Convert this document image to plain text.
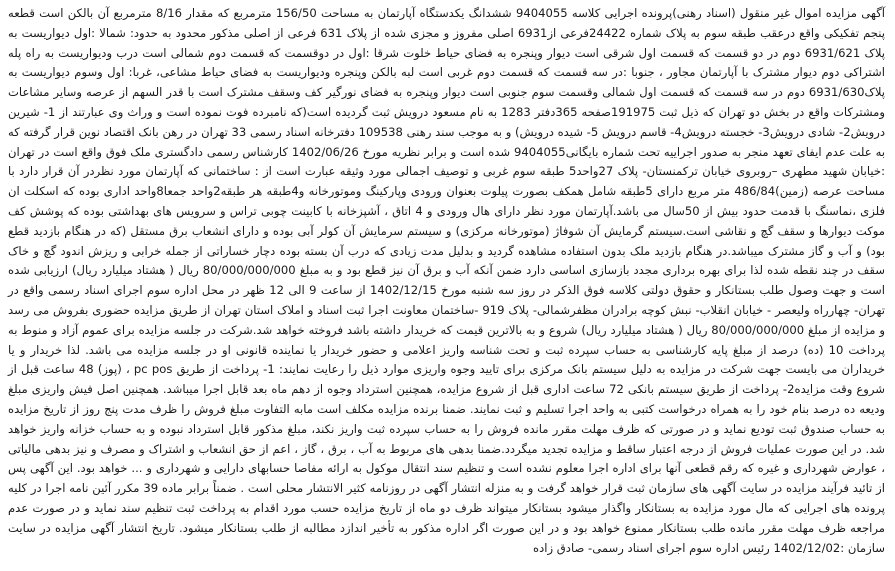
آگهی مزایده اموال غیر منقول (اسناد رهنی)پرونده اجرایی کلاسه 9404055 ششدانگ یکدستگاه آپارتمان به مساحت 156/50 مترمربع که مقدار 8/16 مترمربع آن بالکن است قطعه پنجم تفکیکی واقع درعقب طبقه سوم به پلاک شماره 24422فرعی از6931 اصلی مفروز و مجزی شده از پلاک 631 فرعی از اصلی مذکور محدود به حدود: شمالا :اول دیواریست به پلاک 6931/621 دوم در دو قسمت که قسمت اول شرقی است دیوار وپنجره به فضای حیاط خلوت شرقا :اول در دوقسمت که قسمت دوم شمالی است درب ودیواریست به راه پله اشتراکی دوم دیوار مشترک با آپارتمان مجاور ، جنوبا :در سه قسمت که قسمت دوم غربی است لبه بالکن وپنجره ودیواریست به فضای حیاط مشاعی، غربا: اول وسوم دیواریست به پلاک6931/630 دوم در سه قسمت که قسمت اول شمالی وقسمت سوم جنوبی است دیوار وپنجره به فضای نورگیر کف وسقف مشترک است با قدر السهم از عرصه وسایر مشاعات ومشترکات واقع در بخش دو تهران که ذیل ثبت 191975صفحه 365دفتر 1283 به نام مسعود درویش ثبت گردیده است(که نامبرده فوت نموده است و وراث وی عبارتند از 1- شیرین درویش2- شادی درویش3- خجسته درویش4- قاسم درویش 5- شیده درویش) و به موجب سند رهنی 109538 دفترخانه اسناد رسمی 33 تهران در رهن بانک اقتصاد نوین قرار گرفته که به علت عدم ایفای تعهد منجر به صدور اجراییه تحت شماره بایگانی9404055 شده است و برابر نظریه مورخ 1402/06/26 کارشناس رسمی دادگستری ملک فوق واقع است در تهران :خیابان شهید مطهری –روبروی خیابان ترکمنستان- پلاک 27واحد5 طبقه سوم غربی و توصیف اجمالی مورد وثیقه عبارت است از : ساختمانی که آپارتمان مورد نظردر آن قرار دارد با مساحت عرصه (زمین)486/84 متر مربع دارای 5طبقه شامل همکف بصورت پیلوت بعنوان ورودی وپارکینگ وموتورخانه و4طبقه هر طبقه2واحد جمعا8واحد اداری بوده که اسکلت ان فلزی ،نماسنگ با قدمت حدود بیش از 50سال می باشد.آپارتمان مورد نظر دارای هال ورودی و 4 اتاق ، آشپزخانه با کابینت چوبی تراس و سرویس های بهداشتی بوده که پوشش کف موکت دیوارها و سقف گچ و نقاشی است.سیستم گرمایش آن شوفاژ (موتورخانه مرکزی) و سیستم سرمایش آن کولر آبی بوده و دارای انشعاب برق مستقل (که در هنگام بازدید قطع بود) و آب و گاز مشترک میباشد.در هنگام بازدید ملک بدون استفاده مشاهده گردید و بدلیل مدت زیادی که درب آن بسته بوده دچار خساراتی از جمله خرابی و ریزش اندود گچ و خاک سقف در چند نقطه شده لذا برای بهره برداری مجدد بازسازی اساسی دارد ضمن آنکه آب و برق آن نیز قطع بود و به مبلغ 80/000/000/000 ریال ( هشتاد میلیارد ریال) ارزیابی شده است و جهت وصول طلب بستانکار و حقوق دولتی کلاسه فوق الذکر در روز سه شنبه مورخ 1402/12/15 از ساعت 9 الی 12 ظهر در محل اداره سوم اجرای اسناد رسمی واقع در تهران- چهارراه ولیعصر - خیابان انقلاب- نبش کوچه برادران مظفرشمالی- پلاک 919 -ساختمان معاونت اجرا ثبت اسناد و املاک استان تهران از طریق مزایده حضوری بفروش می رسد و مزایده از مبلغ 80/000/000/000 ریال ( هشتاد میلیارد ریال) شروع و به بالاترین قیمت که خریدار داشته باشد فروخته خواهد شد.شرکت در جلسه مزایده برای عموم آزاد و منوط به پرداخت 10 (ده) درصد از مبلغ پایه کارشناسی به حساب سپرده ثبت و تحت شناسه واریز اعلامی و حضور خریدار یا نماینده قانونی او در جلسه مزایده می باشد. لذا خریدار و یا خریداران می بایست جهت شرکت در مزایده به دلیل سیستم بانک مرکزی برای تایید وجوه واریزی موارد ذیل را رعایت نمایند: 1- پرداخت از طریق pc pos ، (پوز) 48 ساعت قبل از شروع وقت مزایده2- پرداخت از طریق سیستم بانکی 72 ساعت اداری قبل از شروع مزایده، همچنین استرداد وجوه از دهم ماه بعد قابل اجرا میباشد. همچنین اصل فیش واریزی مبلغ ودیعه ده درصد بنام خود را به همراه درخواست کتبی به واحد اجرا تسلیم و ثبت نمایند. ضمنا برنده مزایده مکلف است مابه التفاوت مبلغ فروش را ظرف مدت پنج روز از تاریخ مزایده به حساب صندوق ثبت تودیع نماید و در صورتی که ظرف مهلت مقرر مانده فروش را به حساب سپرده ثبت واریز نکند، مبلغ مذکور قابل استرداد نبوده و به حساب خزانه واریز خواهد شد. در این صورت عملیات فروش از درجه اعتبار ساقط و مزایده تجدید میگردد.ضمنا بدهی های مربوط به آب ، برق ، گاز ، اعم از حق انشعاب و اشتراک و مصرف و نیز بدهی مالیاتی ، عوارض شهرداری و غیره که رقم قطعی آنها برای اداره اجرا معلوم نشده است و تنظیم سند انتقال موکول به ارائه مفاصا حسابهای دارایی و شهرداری و ... خواهد بود. این آگهی پس از تائید فرآیند مزایده در سایت آگهی های سازمان ثبت قرار خواهد گرفت و به منزله انتشار آگهی در روزنامه کثیر الانتشار محلی است . ضمناً برابر ماده 39 مکرر آئین نامه اجرا در کلیه پرونده های اجرایی که مال مورد مزایده به بستانکار واگذار میشود بستانکار میتواند ظرف دو ماه از تاریخ مزایده حسب مورد اقدام به پرداخت ثبت تنظیم سند نماید و در صورت عدم مراجعه ظرف مهلت مقرر مانده طلب بستانکار ممنوع خواهد بود و در این صورت اگر اداره مذکور به تأخیر اندازد مطالبه از طلب بستانکار میشود. تاریخ انتشار آگهی مزایده در سایت سازمان :1402/12/02 رئیس اداره سوم اجرای اسناد رسمی- صادق زاده
